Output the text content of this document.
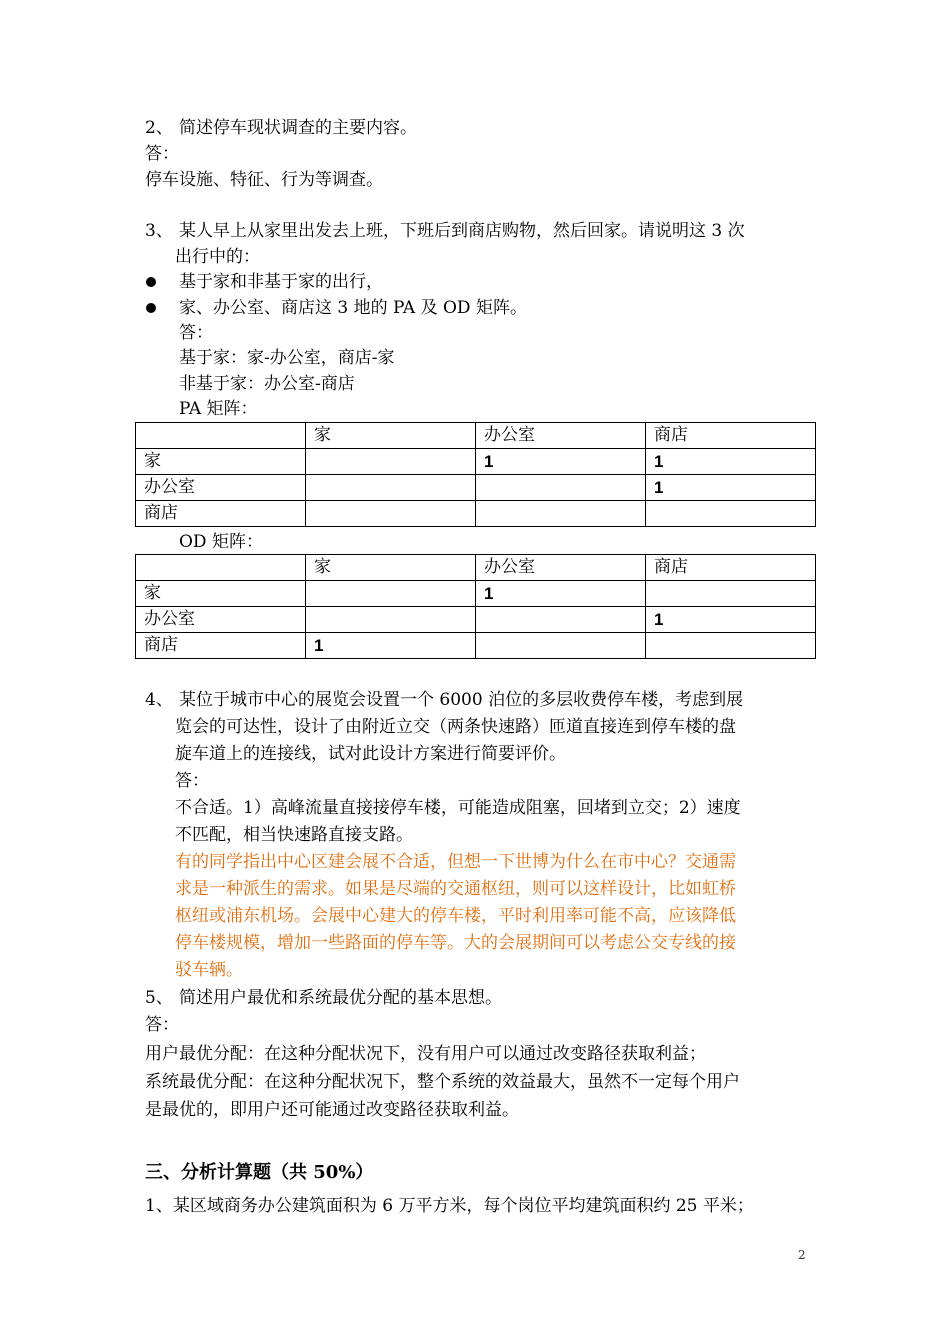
2、 简述停车现状调查的主要内容。
答：
停车设施、特征、行为等调查。
3、 某人早上从家里出发去上班，下班后到商店购物，然后回家。请说明这 3 次
出行中的：
基于家和非基于家的出行，
家、办公室、商店这 3 地的 PA 及 OD 矩阵。
答：
基于家：家-办公室，商店-家
非基于家：办公室-商店
PA 矩阵：
	家	办公室	商店
家		1	1
办公室			1
商店			
OD 矩阵：
	家	办公室	商店
家		1	
办公室			1
商店	1		
4、 某位于城市中心的展览会设置一个 6000 泊位的多层收费停车楼，考虑到展
览会的可达性，设计了由附近立交（两条快速路）匝道直接连到停车楼的盘
旋车道上的连接线，试对此设计方案进行简要评价。
答：
不合适。1）高峰流量直接接停车楼，可能造成阻塞，回堵到立交；2）速度
不匹配，相当快速路直接支路。
有的同学指出中心区建会展不合适，但想一下世博为什么在市中心？交通需
求是一种派生的需求。如果是尽端的交通枢纽，则可以这样设计，比如虹桥
枢纽或浦东机场。会展中心建大的停车楼，平时利用率可能不高，应该降低
停车楼规模，增加一些路面的停车等。大的会展期间可以考虑公交专线的接
驳车辆。
5、 简述用户最优和系统最优分配的基本思想。
答：
用户最优分配：在这种分配状况下，没有用户可以通过改变路径获取利益；
系统最优分配：在这种分配状况下，整个系统的效益最大，虽然不一定每个用户
是最优的，即用户还可能通过改变路径获取利益。
三、分析计算题（共 50%）
1、某区域商务办公建筑面积为 6 万平方米，每个岗位平均建筑面积约 25 平米；
2
